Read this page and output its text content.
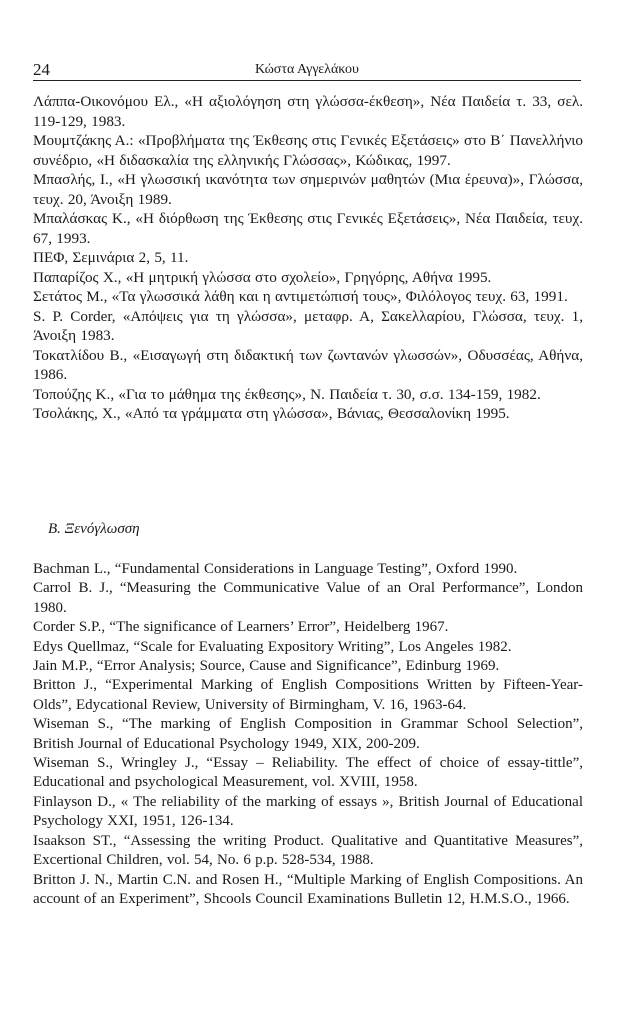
24	Κώστα Αγγελάκου
Λάππα-Οικονόμου Ελ., «Η αξιολόγηση στη γλώσσα-έκθεση», Νέα Παιδεία τ. 33, σελ. 119-129, 1983.
Μουμτζάκης Α.: «Προβλήματα της Έκθεσης στις Γενικές Εξετάσεις» στο Β΄ Πανελλήνιο συνέδριο, «Η διδασκαλία της ελληνικής Γλώσσας», Κώδικας, 1997.
Μπασλής, Ι., «Η γλωσσική ικανότητα των σημερινών μαθητών (Μια έρευνα)», Γλώσσα, τευχ. 20, Άνοιξη 1989.
Μπαλάσκας Κ., «Η διόρθωση της Έκθεσης στις Γενικές Εξετάσεις», Νέα Παιδεία, τευχ. 67, 1993.
ΠΕΦ, Σεμινάρια 2, 5, 11.
Παπαρίζος Χ., «Η μητρική γλώσσα στο σχολείο», Γρηγόρης, Αθήνα 1995.
Σετάτος Μ., «Τα γλωσσικά λάθη και η αντιμετώπισή τους», Φιλόλογος τευχ. 63, 1991.
S. P. Corder, «Απόψεις για τη γλώσσα», μεταφρ. Α, Σακελλαρίου, Γλώσσα, τευχ. 1, Άνοιξη 1983.
Τοκατλίδου Β., «Εισαγωγή στη διδακτική των ζωντανών γλωσσών», Οδυσσέας, Αθήνα, 1986.
Τοπούζης Κ., «Για το μάθημα της έκθεσης», Ν. Παιδεία τ. 30, σ.σ. 134-159, 1982.
Τσολάκης, Χ., «Από τα γράμματα στη γλώσσα», Βάνιας, Θεσσαλονίκη 1995.
Β. Ξενόγλωσση
Bachman L., “Fundamental Considerations in Language Testing”, Oxford 1990.
Carrol B. J., “Measuring the Communicative Value of an Oral Performance”, London 1980.
Corder S.P., “The significance of Learners’ Error”, Heidelberg 1967.
Edys Quellmaz, “Scale for Evaluating Expository Writing”, Los Angeles 1982.
Jain M.P., “Error Analysis; Source, Cause and Significance”, Edinburg 1969.
Britton J., “Experimental Marking of English Compositions Written by Fifteen-Year-Olds”, Edycational Review, University of Birmingham, V. 16, 1963-64.
Wiseman S., “The marking of English Composition in Grammar School Selection”, British Journal of Educational Psychology 1949, XIX, 200-209.
Wiseman S., Wringley J., “Essay – Reliability. The effect of choice of essay-tittle”, Educational and psychological Measurement, vol. XVIII, 1958.
Finlayson D., « The reliability of the marking of essays », British Journal of Educational Psychology XXI, 1951, 126-134.
Isaakson ST., “Assessing the writing Product. Qualitative and Quantitative Measures”, Excertional Children, vol. 54, No. 6 p.p. 528-534, 1988.
Britton J. N., Martin C.N. and Rosen H., “Multiple Marking of English Compositions. An account of an Experiment”, Shcools Council Examinations Bulletin 12, H.M.S.O., 1966.
